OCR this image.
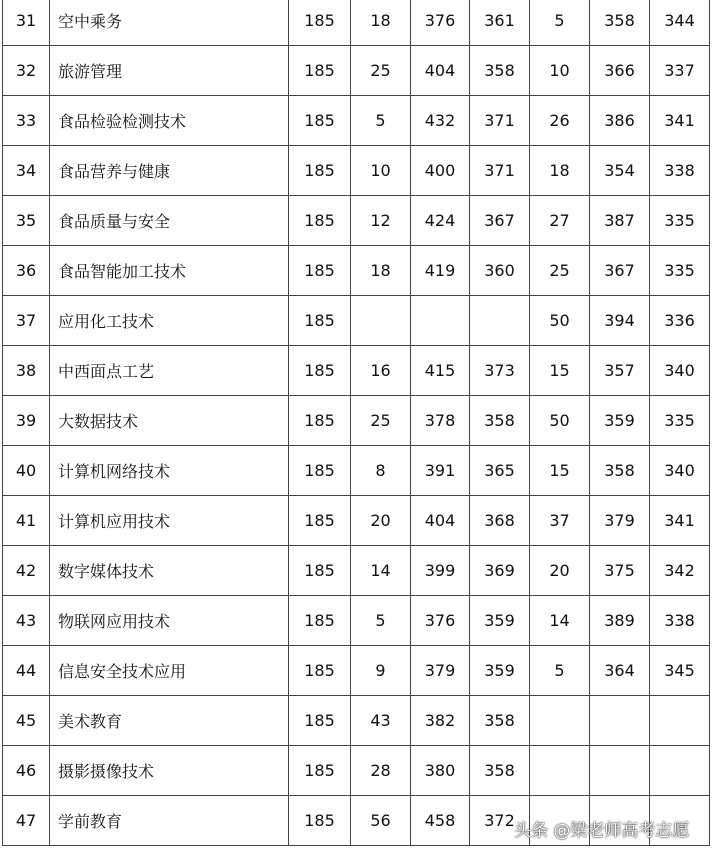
31	空中乘务	185	18	376	361	5	358	344
32	旅游管理	185	25	404	358	10	366	337
33	食品检验检测技术	185	5	432	371	26	386	341
34	食品营养与健康	185	10	400	371	18	354	338
35	食品质量与安全	185	12	424	367	27	387	335
36	食品智能加工技术	185	18	419	360	25	367	335
37	应用化工技术	185				50	394	336
38	中西面点工艺	185	16	415	373	15	357	340
39	大数据技术	185	25	378	358	50	359	335
40	计算机网络技术	185	8	391	365	15	358	340
41	计算机应用技术	185	20	404	368	37	379	341
42	数字媒体技术	185	14	399	369	20	375	342
43	物联网应用技术	185	5	376	359	14	389	338
44	信息安全技术应用	185	9	379	359	5	364	345
45	美术教育	185	43	382	358			
46	摄影摄像技术	185	28	380	358			
47	学前教育	185	56	458	372			
头条 @梁老师高考志愿
